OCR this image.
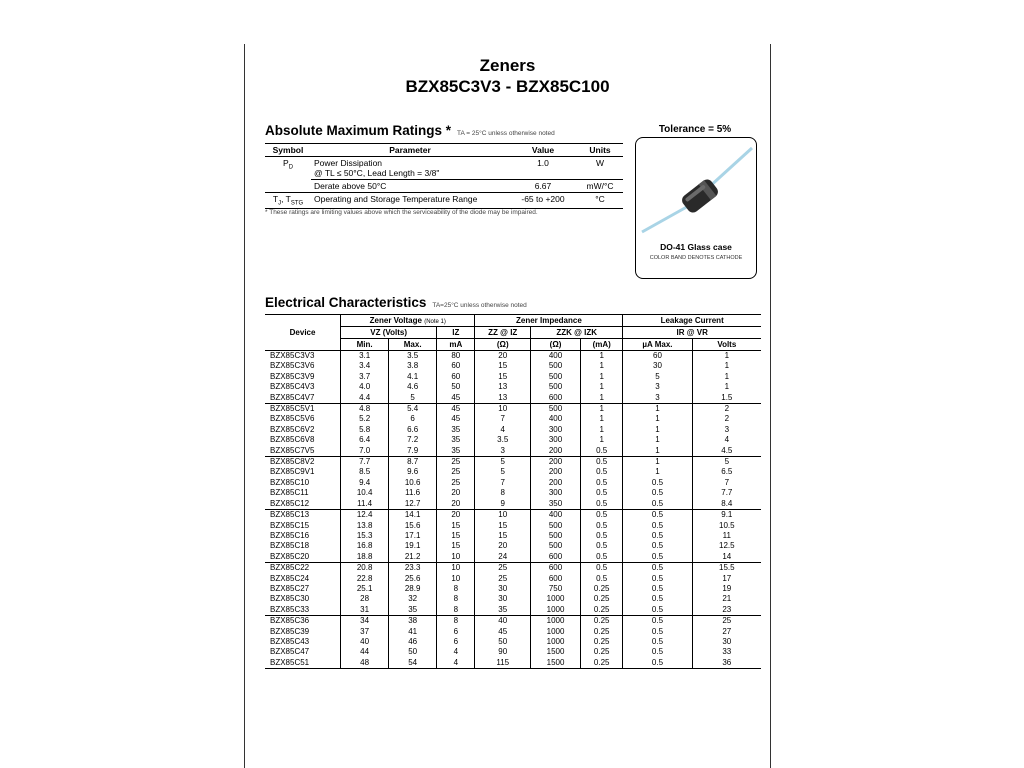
Zeners
BZX85C3V3 - BZX85C100
Absolute Maximum Ratings * TA = 25°C unless otherwise noted
Symbol	Parameter	Value	Units
$P_D$	Power Dissipation
@ TL ≤ 50°C, Lead Length = 3/8"	1.0	W
	Derate above 50°C	6.67	mW/°C
$T_J$, $T_{STG}$	Operating and Storage Temperature Range	-65 to +200	°C
* These ratings are limiting values above which the serviceability of the diode may be impaired.
Tolerance = 5%
DO-41 Glass case
COLOR BAND DENOTES CATHODE
Electrical Characteristics TA=25°C unless otherwise noted
Device	Zener Voltage (Note 1)			Zener Impedance			Leakage Current	
	VZ (Volts)		IZ	ZZ @ IZ	ZZK @ IZK		IR @ VR	
	Min.	Max.	mA	(Ω)	(Ω)	(mA)	µA Max.	Volts
BZX85C3V3	3.1	3.5	80	20	400	1	60	1
BZX85C3V6	3.4	3.8	60	15	500	1	30	1
BZX85C3V9	3.7	4.1	60	15	500	1	5	1
BZX85C4V3	4.0	4.6	50	13	500	1	3	1
BZX85C4V7	4.4	5	45	13	600	1	3	1.5
BZX85C5V1	4.8	5.4	45	10	500	1	1	2
BZX85C5V6	5.2	6	45	7	400	1	1	2
BZX85C6V2	5.8	6.6	35	4	300	1	1	3
BZX85C6V8	6.4	7.2	35	3.5	300	1	1	4
BZX85C7V5	7.0	7.9	35	3	200	0.5	1	4.5
BZX85C8V2	7.7	8.7	25	5	200	0.5	1	5
BZX85C9V1	8.5	9.6	25	5	200	0.5	1	6.5
BZX85C10	9.4	10.6	25	7	200	0.5	0.5	7
BZX85C11	10.4	11.6	20	8	300	0.5	0.5	7.7
BZX85C12	11.4	12.7	20	9	350	0.5	0.5	8.4
BZX85C13	12.4	14.1	20	10	400	0.5	0.5	9.1
BZX85C15	13.8	15.6	15	15	500	0.5	0.5	10.5
BZX85C16	15.3	17.1	15	15	500	0.5	0.5	11
BZX85C18	16.8	19.1	15	20	500	0.5	0.5	12.5
BZX85C20	18.8	21.2	10	24	600	0.5	0.5	14
BZX85C22	20.8	23.3	10	25	600	0.5	0.5	15.5
BZX85C24	22.8	25.6	10	25	600	0.5	0.5	17
BZX85C27	25.1	28.9	8	30	750	0.25	0.5	19
BZX85C30	28	32	8	30	1000	0.25	0.5	21
BZX85C33	31	35	8	35	1000	0.25	0.5	23
BZX85C36	34	38	8	40	1000	0.25	0.5	25
BZX85C39	37	41	6	45	1000	0.25	0.5	27
BZX85C43	40	46	6	50	1000	0.25	0.5	30
BZX85C47	44	50	4	90	1500	0.25	0.5	33
BZX85C51	48	54	4	115	1500	0.25	0.5	36
